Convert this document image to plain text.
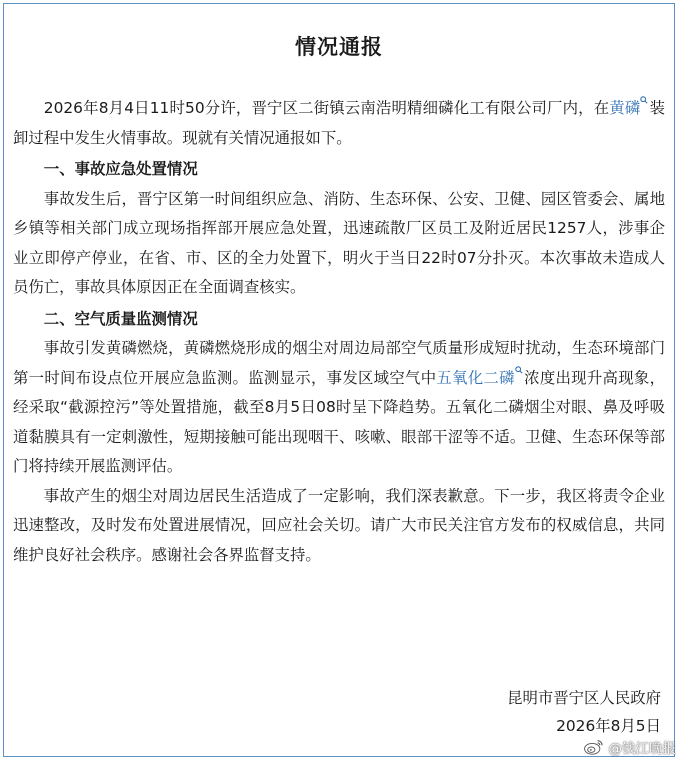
情况通报

2026年8月4日11时50分许，晋宁区二街镇云南浩明精细磷化工有限公司厂内，在黄磷 装卸过程中发生火情事故。现就有关情况通报如下。

一、事故应急处置情况

事故发生后，晋宁区第一时间组织应急、消防、生态环保、公安、卫健、园区管委会、属地乡镇等相关部门成立现场指挥部开展应急处置，迅速疏散厂区员工及附近居民1257人，涉事企业立即停产停业，在省、市、区的全力处置下，明火于当日22时07分扑灭。本次事故未造成人员伤亡，事故具体原因正在全面调查核实。

二、空气质量监测情况

事故引发黄磷燃烧，黄磷燃烧形成的烟尘对周边局部空气质量形成短时扰动，生态环境部门第一时间布设点位开展应急监测。监测显示，事发区域空气中五氧化二磷 浓度出现升高现象，经采取“截源控污”等处置措施，截至8月5日08时呈下降趋势。五氧化二磷烟尘对眼、鼻及呼吸道黏膜具有一定刺激性，短期接触可能出现咽干、咳嗽、眼部干涩等不适。卫健、生态环保等部门将持续开展监测评估。

事故产生的烟尘对周边居民生活造成了一定影响，我们深表歉意。下一步，我区将责令企业迅速整改，及时发布处置进展情况，回应社会关切。请广大市民关注官方发布的权威信息，共同维护良好社会秩序。感谢社会各界监督支持。

昆明市晋宁区人民政府
2026年8月5日
@钱江晚报
